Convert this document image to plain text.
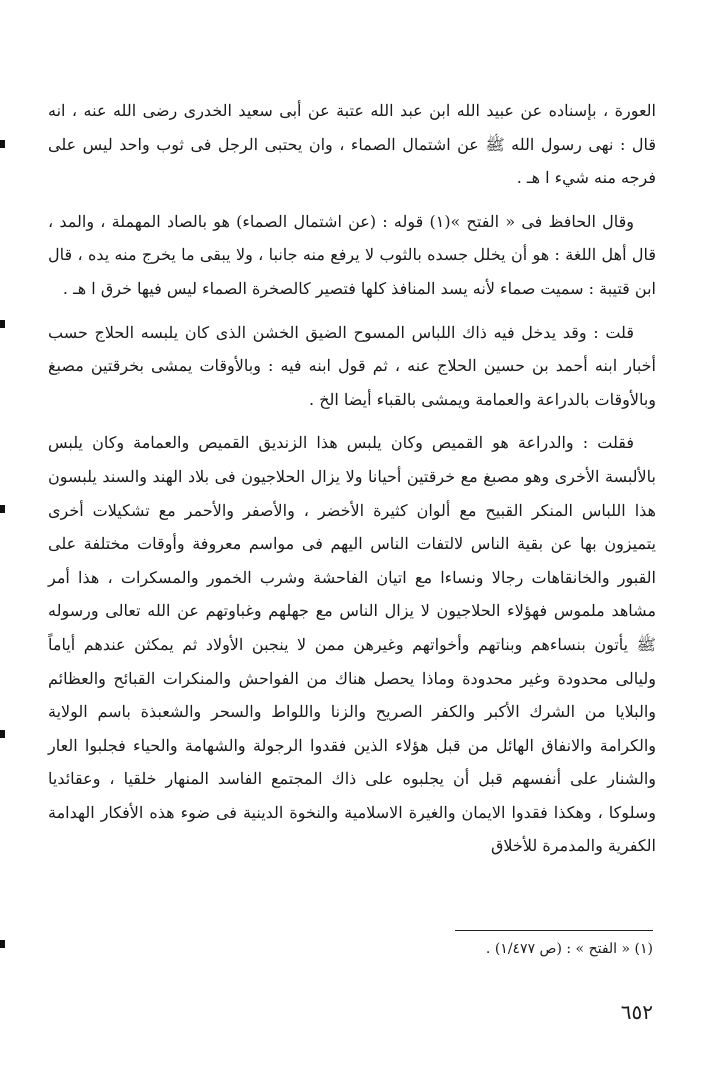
العورة ، بإسناده عن عبيد الله ابن عبد الله عتبة عن أبى سعيد الخدرى رضى الله عنه ، انه قال : نهى رسول الله ﷺ عن اشتمال الصماء ، وان يحتبى الرجل فى ثوب واحد ليس على فرجه منه شيء ا هـ .

وقال الحافظ فى « الفتح »(١) قوله : (عن اشتمال الصماء) هو بالصاد المهملة ، والمد ، قال أهل اللغة : هو أن يخلل جسده بالثوب لا يرفع منه جانبا ، ولا يبقى ما يخرج منه يده ، قال ابن قتيبة : سميت صماء لأنه يسد المنافذ كلها فتصير كالصخرة الصماء ليس فيها خرق ا هـ .

قلت : وقد يدخل فيه ذاك اللباس المسوح الضيق الخشن الذى كان يلبسه الحلاج حسب أخبار ابنه أحمد بن حسين الحلاج عنه ، ثم قول ابنه فيه : وبالأوقات يمشى بخرقتين مصبغ وبالأوقات بالدراعة والعمامة ويمشى بالقباء أيضا الخ .

فقلت : والدراعة هو القميص وكان يلبس هذا الزنديق القميص والعمامة وكان يلبس بالألبسة الأخرى وهو مصبغ مع خرقتين أحيانا ولا يزال الحلاجيون فى بلاد الهند والسند يلبسون هذا اللباس المنكر القبيح مع ألوان كثيرة الأخضر ، والأصفر والأحمر مع تشكيلات أخرى يتميزون بها عن بقية الناس لالتفات الناس اليهم فى مواسم معروفة وأوقات مختلفة على القبور والخانقاهات رجالا ونساءا مع اتيان الفاحشة وشرب الخمور والمسكرات ، هذا أمر مشاهد ملموس فهؤلاء الحلاجيون لا يزال الناس مع جهلهم وغباوتهم عن الله تعالى ورسوله ﷺ يأتون بنساءهم وبناتهم وأخواتهم وغيرهن ممن لا ينجبن الأولاد ثم يمكثن عندهم أياماً وليالى محدودة وغير محدودة وماذا يحصل هناك من الفواحش والمنكرات القبائح والعظائم والبلايا من الشرك الأكبر والكفر الصريح والزنا واللواط والسحر والشعبذة باسم الولاية والكرامة والانفاق الهائل من قبل هؤلاء الذين فقدوا الرجولة والشهامة والحياء فجلبوا العار والشنار على أنفسهم قبل أن يجلبوه على ذاك المجتمع الفاسد المنهار خلقيا ، وعقائديا وسلوكا ، وهكذا فقدوا الايمان والغيرة الاسلامية والنخوة الدينية فى ضوء هذه الأفكار الهدامة الكفرية والمدمرة للأخلاق

(١) « الفتح » : (ص ١/٤٧٧) .
٦٥٢
